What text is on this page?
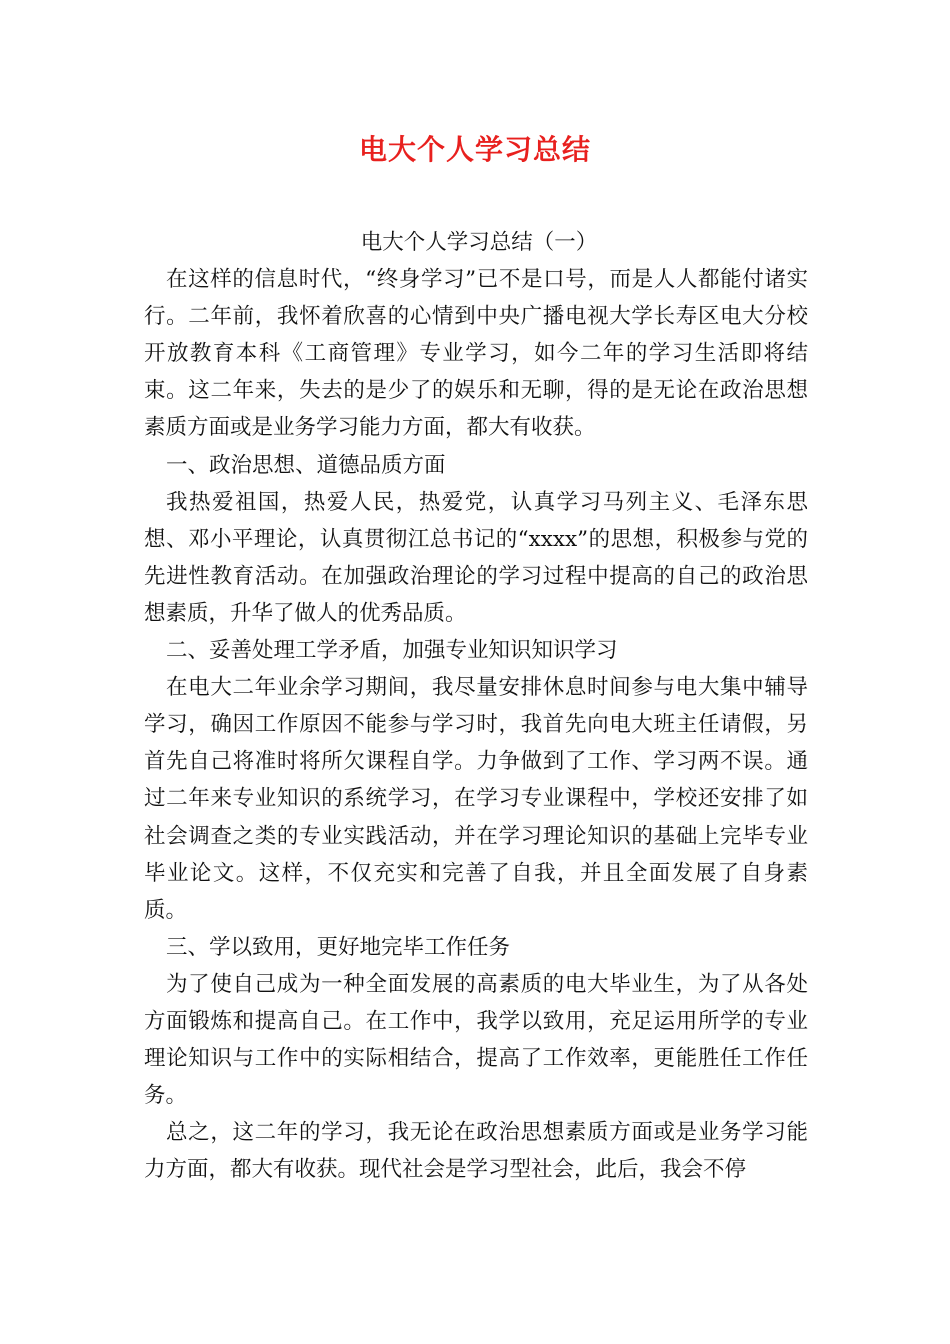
电大个人学习总结

电大个人学习总结（一）

在这样的信息时代，“终身学习”已不是口号，而是人人都能付诸实行。二年前，我怀着欣喜的心情到中央广播电视大学长寿区电大分校开放教育本科《工商管理》专业学习，如今二年的学习生活即将结束。这二年来，失去的是少了的娱乐和无聊，得的是无论在政治思想素质方面或是业务学习能力方面，都大有收获。

一、政治思想、道德品质方面

我热爱祖国，热爱人民，热爱党，认真学习马列主义、毛泽东思想、邓小平理论，认真贯彻江总书记的“xxxx”的思想，积极参与党的先进性教育活动。在加强政治理论的学习过程中提高的自己的政治思想素质，升华了做人的优秀品质。

二、妥善处理工学矛盾，加强专业知识知识学习

在电大二年业余学习期间，我尽量安排休息时间参与电大集中辅导学习，确因工作原因不能参与学习时，我首先向电大班主任请假，另首先自己将准时将所欠课程自学。力争做到了工作、学习两不误。通过二年来专业知识的系统学习，在学习专业课程中，学校还安排了如社会调查之类的专业实践活动，并在学习理论知识的基础上完毕专业毕业论文。这样，不仅充实和完善了自我，并且全面发展了自身素质。

三、学以致用，更好地完毕工作任务

为了使自己成为一种全面发展的高素质的电大毕业生，为了从各处方面锻炼和提高自己。在工作中，我学以致用，充足运用所学的专业理论知识与工作中的实际相结合，提高了工作效率，更能胜任工作任务。

总之，这二年的学习，我无论在政治思想素质方面或是业务学习能力方面，都大有收获。现代社会是学习型社会，此后，我会不停
